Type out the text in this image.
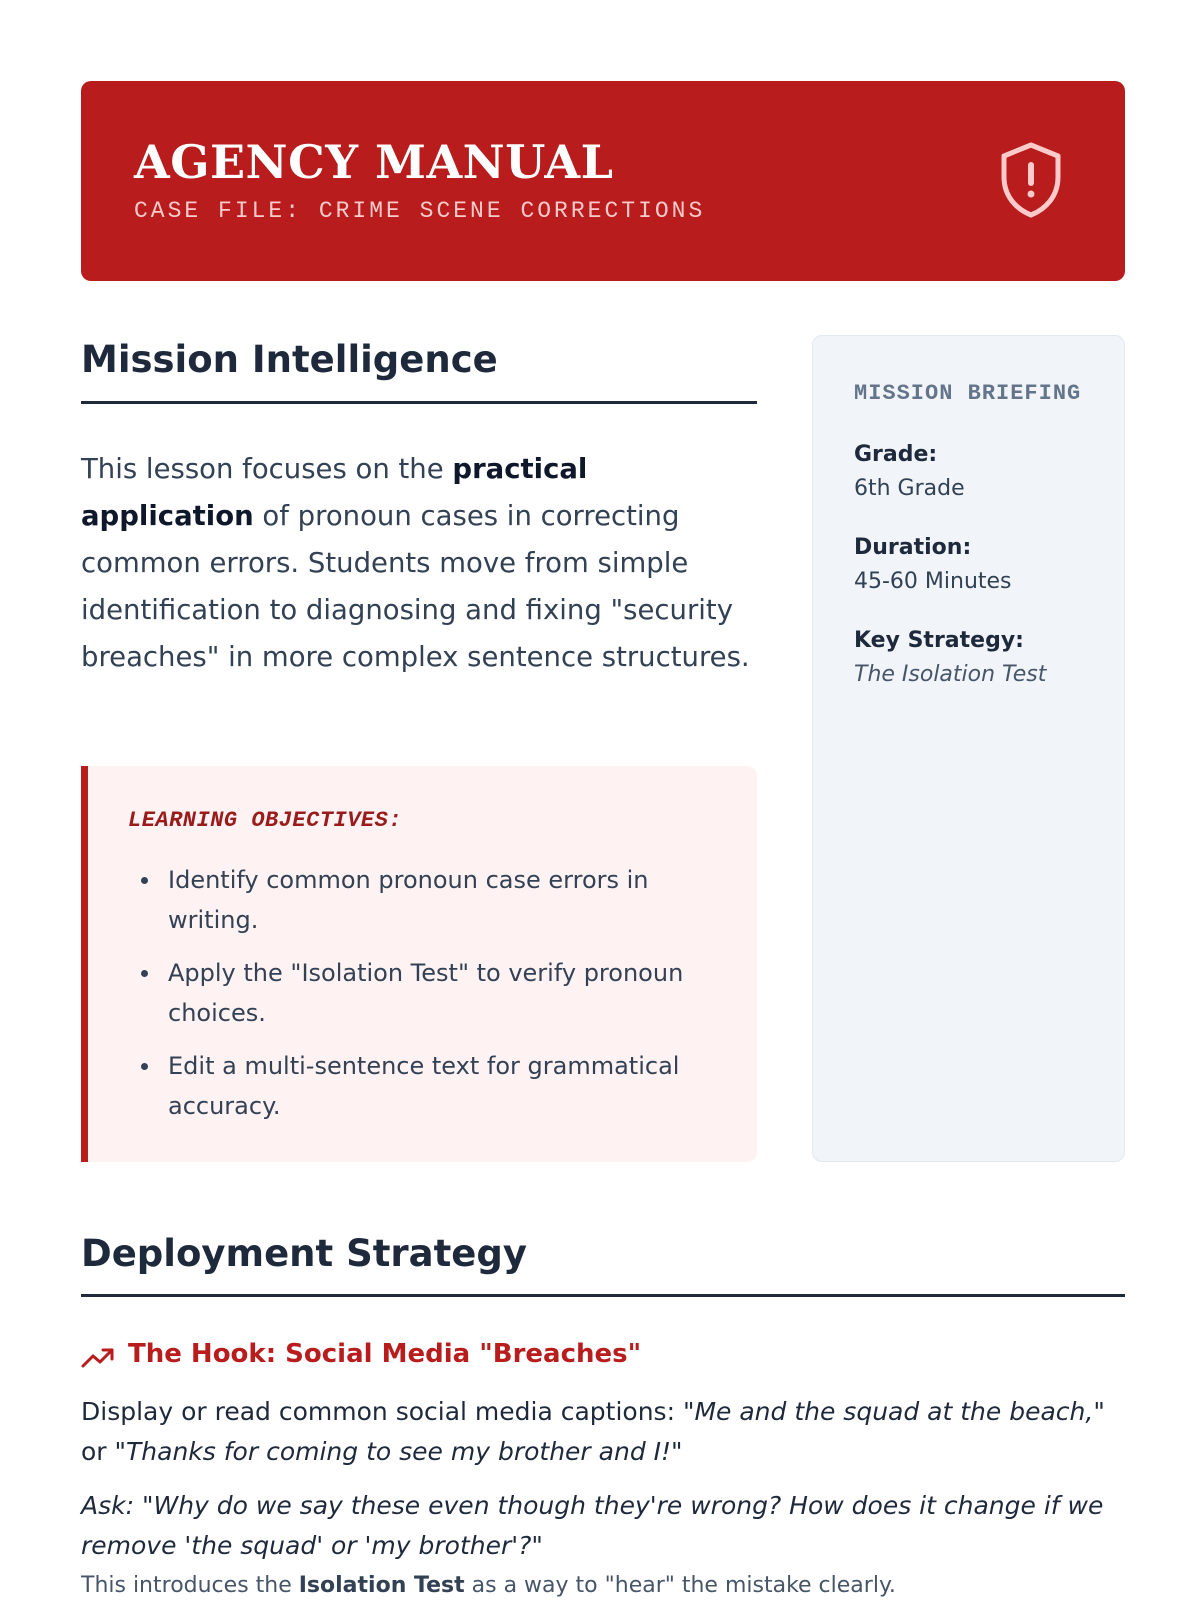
AGENCY MANUAL
CASE FILE: CRIME SCENE CORRECTIONS
Mission Intelligence

This lesson focuses on the practical application of pronoun cases in correcting common errors. Students move from simple identification to diagnosing and fixing "security breaches" in more complex sentence structures.

LEARNING OBJECTIVES:
Identify common pronoun case errors in writing.
Apply the "Isolation Test" to verify pronoun choices.
Edit a multi-sentence text for grammatical accuracy.
MISSION BRIEFING
Grade:
6th Grade
Duration:
45-60 Minutes
Key Strategy:
The Isolation Test
Deployment Strategy
The Hook: Social Media "Breaches"

Display or read common social media captions: "Me and the squad at the beach," or "Thanks for coming to see my brother and I!"

Ask: "Why do we say these even though they're wrong? How does it change if we remove 'the squad' or 'my brother'?"

This introduces the Isolation Test as a way to "hear" the mistake clearly.
